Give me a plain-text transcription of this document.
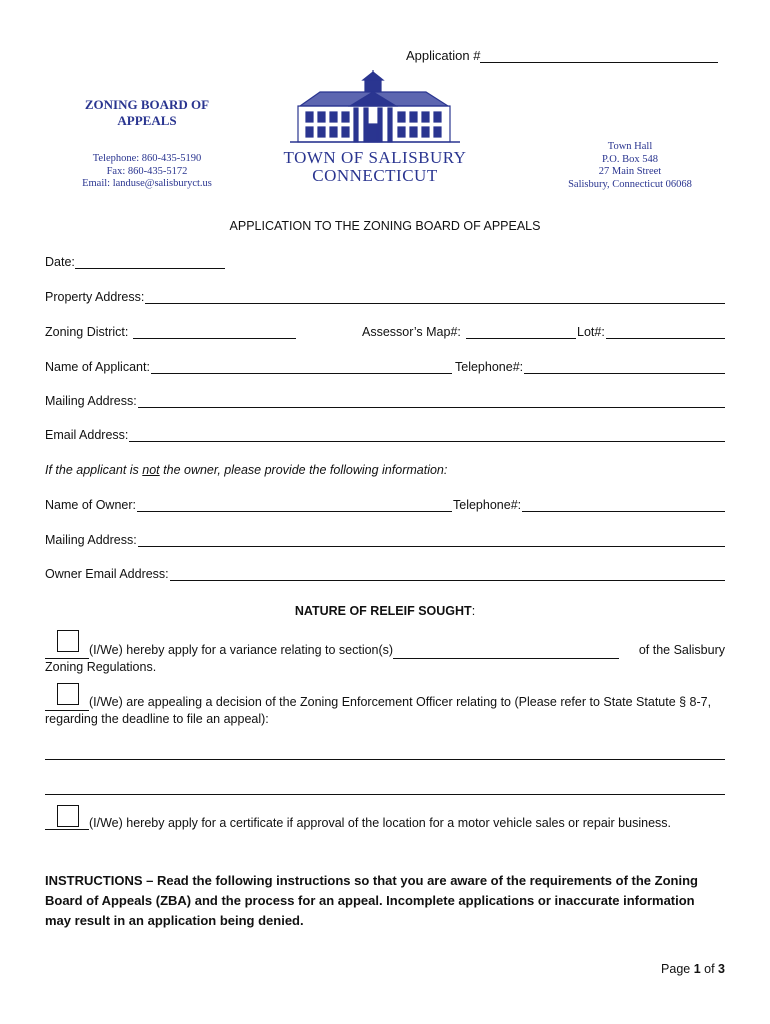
Application #
ZONING BOARD OF
APPEALS
Telephone: 860-435-5190
Fax: 860-435-5172
Email: landuse@salisburyct.us
TOWN OF SALISBURY
CONNECTICUT
Town Hall
P.O. Box 548
27 Main Street
Salisbury, Connecticut 06068
APPLICATION TO THE ZONING BOARD OF APPEALS
Date:
Property Address:
Zoning District:	Assessor’s Map#:	Lot#:
Name of Applicant:	Telephone#:
Mailing Address:
Email Address:
If the applicant is not the owner, please provide the following information:
Name of Owner:	Telephone#:
Mailing Address:
Owner Email Address:
NATURE OF RELEIF SOUGHT:
(I/We) hereby apply for a variance relating to section(s)	of the Salisbury
Zoning Regulations.
(I/We) are appealing a decision of the Zoning Enforcement Officer relating to (Please refer to State Statute § 8-7,
regarding the deadline to file an appeal):
(I/We) hereby apply for a certificate if approval of the location for a motor vehicle sales or repair business.
INSTRUCTIONS – Read the following instructions so that you are aware of the requirements of the Zoning
Board of Appeals (ZBA) and the process for an appeal. Incomplete applications or inaccurate information
may result in an application being denied.
Page 1 of 3
